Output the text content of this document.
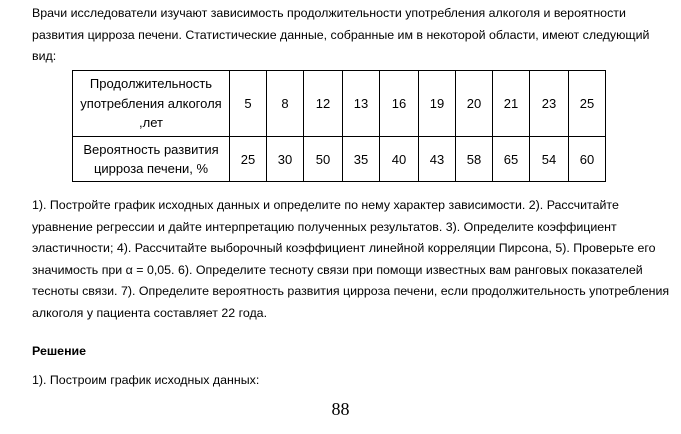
Врачи исследователи изучают зависимость продолжительности употребления алкоголя и вероятности развития цирроза печени. Статистические данные, собранные им в некоторой области, имеют следующий вид:

Продолжительность употребления алкоголя ,лет	5	8	12	13	16	19	20	21	23	25
Вероятность развития цирроза печени, %	25	30	50	35	40	43	58	65	54	60

1). Постройте график исходных данных и определите по нему характер зависимости. 2). Рассчитайте уравнение регрессии и дайте интерпретацию полученных результатов. 3). Определите коэффициент эластичности; 4). Рассчитайте выборочный коэффициент линейной корреляции Пирсона, 5). Проверьте его значимость при α = 0,05. 6). Определите тесноту связи при помощи известных вам ранговых показателей тесноты связи. 7). Определите вероятность развития цирроза печени, если продолжительность употребления алкоголя у пациента составляет 22 года.

Решение

1). Построим график исходных данных:

88
